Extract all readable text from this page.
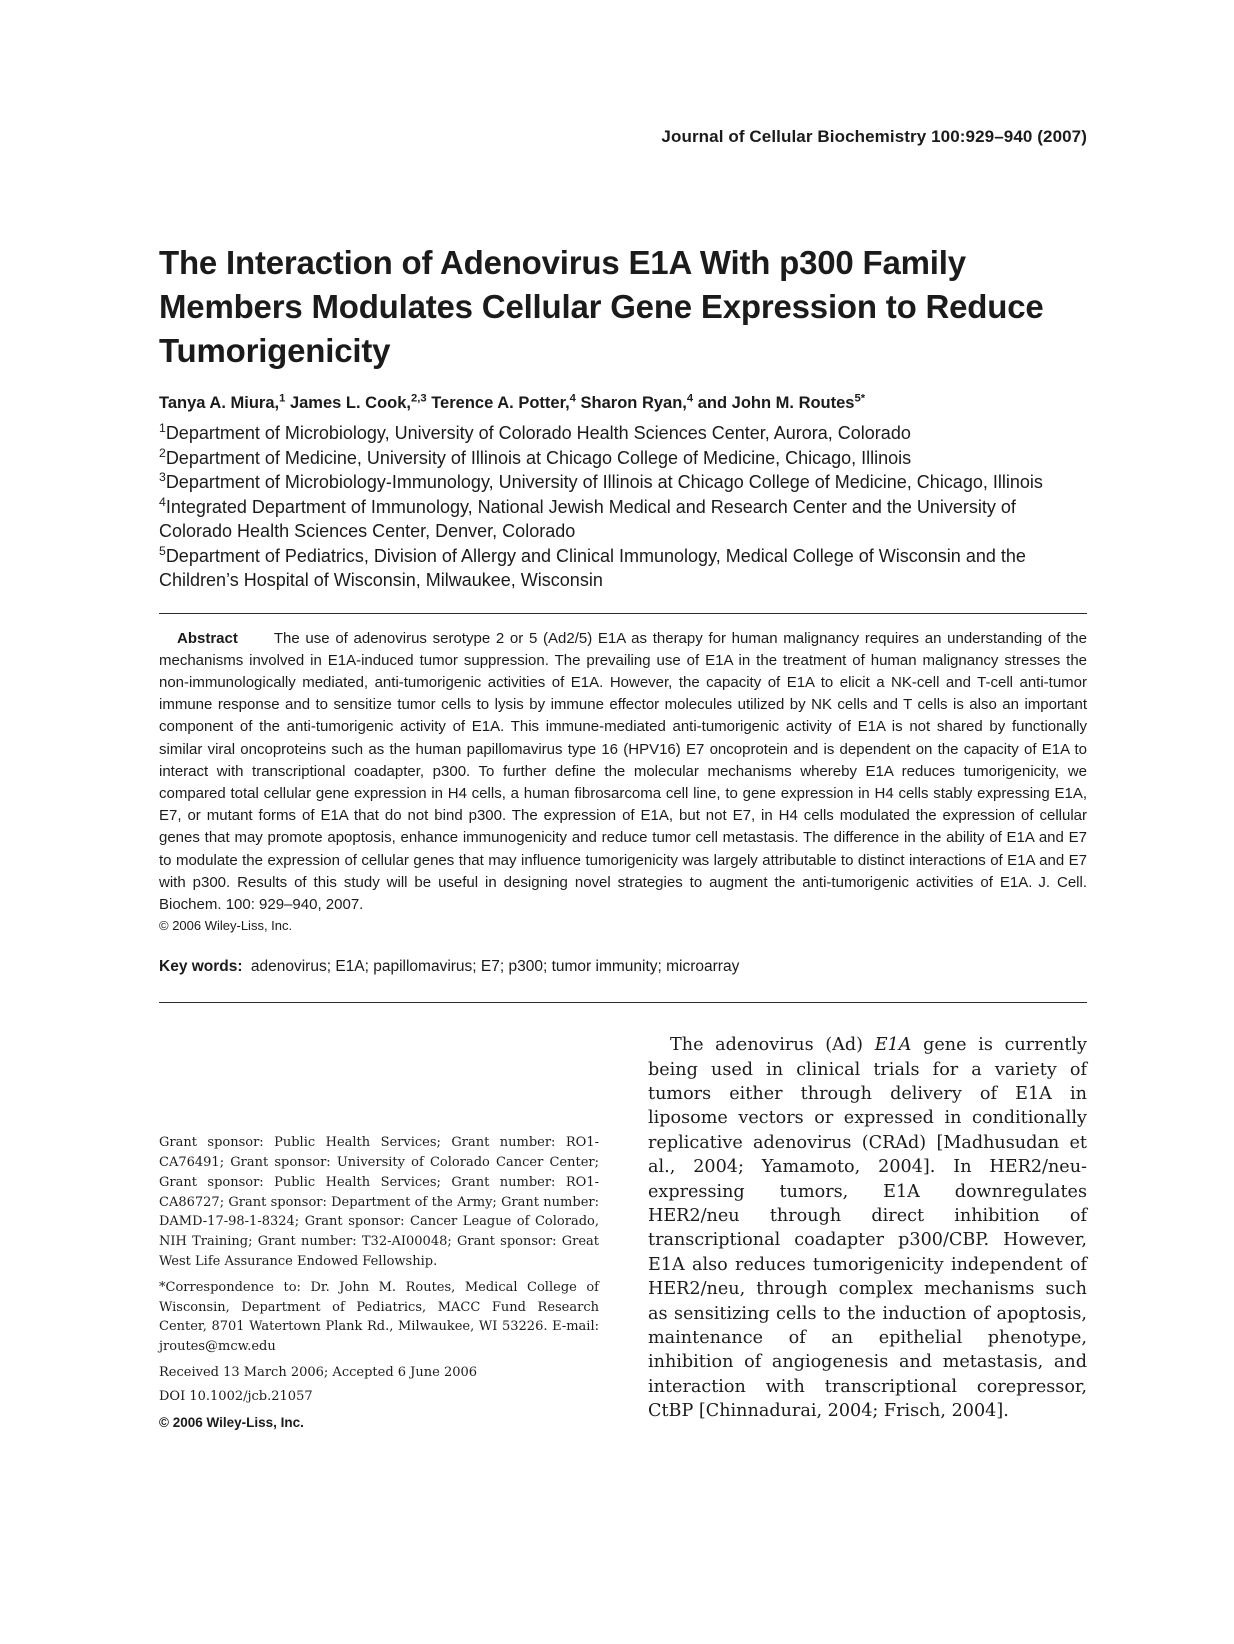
Journal of Cellular Biochemistry 100:929–940 (2007)
The Interaction of Adenovirus E1A With p300 Family Members Modulates Cellular Gene Expression to Reduce Tumorigenicity
Tanya A. Miura,$^1$ James L. Cook,$^{2,3}$ Terence A. Potter,$^4$ Sharon Ryan,$^4$ and John M. Routes$^{5*}$
$^1$Department of Microbiology, University of Colorado Health Sciences Center, Aurora, Colorado
$^2$Department of Medicine, University of Illinois at Chicago College of Medicine, Chicago, Illinois
$^3$Department of Microbiology-Immunology, University of Illinois at Chicago College of Medicine, Chicago, Illinois
$^4$Integrated Department of Immunology, National Jewish Medical and Research Center and the University of Colorado Health Sciences Center, Denver, Colorado
$^5$Department of Pediatrics, Division of Allergy and Clinical Immunology, Medical College of Wisconsin and the Children’s Hospital of Wisconsin, Milwaukee, Wisconsin

Abstract The use of adenovirus serotype 2 or 5 (Ad2/5) E1A as therapy for human malignancy requires an understanding of the mechanisms involved in E1A-induced tumor suppression. The prevailing use of E1A in the treatment of human malignancy stresses the non-immunologically mediated, anti-tumorigenic activities of E1A. However, the capacity of E1A to elicit a NK-cell and T-cell anti-tumor immune response and to sensitize tumor cells to lysis by immune effector molecules utilized by NK cells and T cells is also an important component of the anti-tumorigenic activity of E1A. This immune-mediated anti-tumorigenic activity of E1A is not shared by functionally similar viral oncoproteins such as the human papillomavirus type 16 (HPV16) E7 oncoprotein and is dependent on the capacity of E1A to interact with transcriptional coadapter, p300. To further define the molecular mechanisms whereby E1A reduces tumorigenicity, we compared total cellular gene expression in H4 cells, a human fibrosarcoma cell line, to gene expression in H4 cells stably expressing E1A, E7, or mutant forms of E1A that do not bind p300. The expression of E1A, but not E7, in H4 cells modulated the expression of cellular genes that may promote apoptosis, enhance immunogenicity and reduce tumor cell metastasis. The difference in the ability of E1A and E7 to modulate the expression of cellular genes that may influence tumorigenicity was largely attributable to distinct interactions of E1A and E7 with p300. Results of this study will be useful in designing novel strategies to augment the anti-tumorigenic activities of E1A. J. Cell. Biochem. 100: 929–940, 2007.

© 2006 Wiley-Liss, Inc.
Key words: adenovirus; E1A; papillomavirus; E7; p300; tumor immunity; microarray

Grant sponsor: Public Health Services; Grant number: RO1-CA76491; Grant sponsor: University of Colorado Cancer Center; Grant sponsor: Public Health Services; Grant number: RO1-CA86727; Grant sponsor: Department of the Army; Grant number: DAMD-17-98-1-8324; Grant sponsor: Cancer League of Colorado, NIH Training; Grant number: T32-AI00048; Grant sponsor: Great West Life Assurance Endowed Fellowship.

*Correspondence to: Dr. John M. Routes, Medical College of Wisconsin, Department of Pediatrics, MACC Fund Research Center, 8701 Watertown Plank Rd., Milwaukee, WI 53226. E-mail: jroutes@mcw.edu

Received 13 March 2006; Accepted 6 June 2006
DOI 10.1002/jcb.21057
© 2006 Wiley-Liss, Inc.

The adenovirus (Ad) E1A gene is currently being used in clinical trials for a variety of tumors either through delivery of E1A in liposome vectors or expressed in conditionally replicative adenovirus (CRAd) [Madhusudan et al., 2004; Yamamoto, 2004]. In HER2/neu-expressing tumors, E1A downregulates HER2/neu through direct inhibition of transcriptional coadapter p300/CBP. However, E1A also reduces tumorigenicity independent of HER2/neu, through complex mechanisms such as sensitizing cells to the induction of apoptosis, maintenance of an epithelial phenotype, inhibition of angiogenesis and metastasis, and interaction with transcriptional corepressor, CtBP [Chinnadurai, 2004; Frisch, 2004].
